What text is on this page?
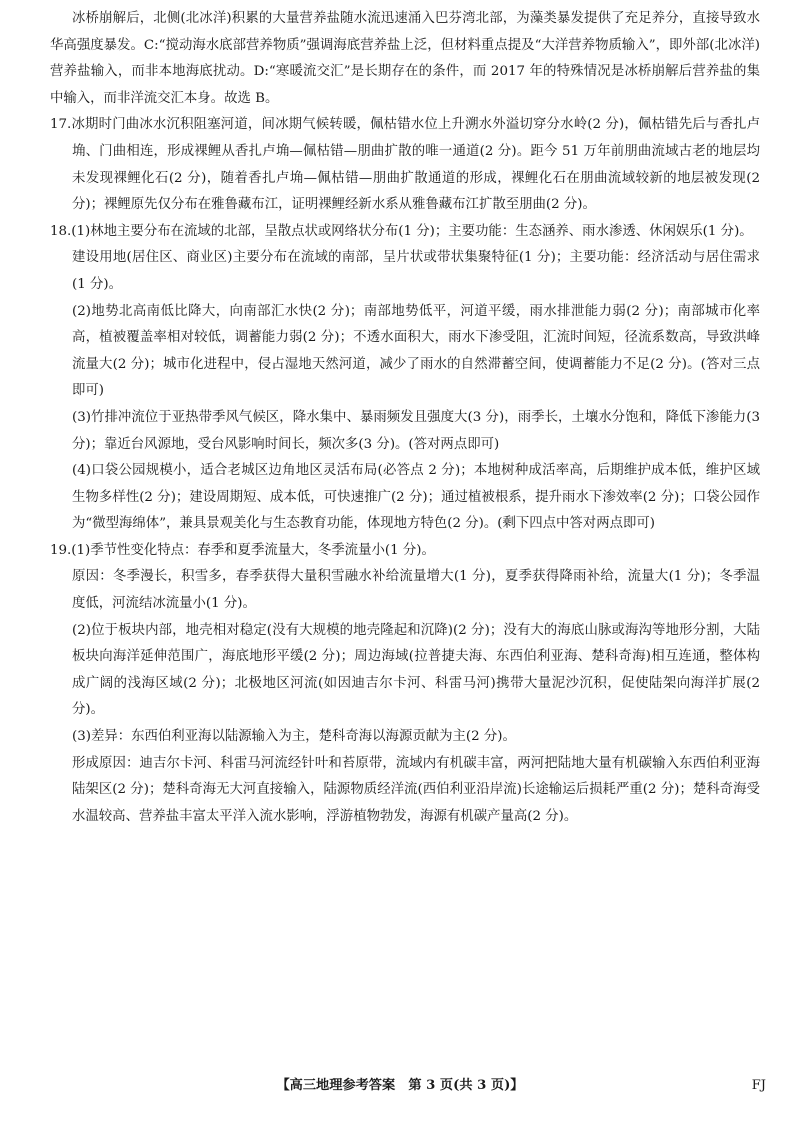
冰桥崩解后，北侧(北冰洋)积累的大量营养盐随水流迅速涌入巴芬湾北部，为藻类暴发提供了充足养分，直接导致水华高强度暴发。C:“搅动海水底部营养物质”强调海底营养盐上泛，但材料重点提及“大洋营养物质输入”，即外部(北冰洋)营养盐输入，而非本地海底扰动。D:“寒暖流交汇”是长期存在的条件，而 2017 年的特殊情况是冰桥崩解后营养盐的集中输入，而非洋流交汇本身。故选 B。

17.冰期时门曲冰水沉积阻塞河道，间冰期气候转暖，佩枯错水位上升溯水外溢切穿分水岭(2 分)，佩枯错先后与香扎卢埆、门曲相连，形成裸鲤从香扎卢埆—佩枯错—朋曲扩散的唯一通道(2 分)。距今 51 万年前朋曲流域古老的地层均未发现裸鲤化石(2 分)，随着香扎卢埆—佩枯错—朋曲扩散通道的形成，裸鲤化石在朋曲流域较新的地层被发现(2 分)；裸鲤原先仅分布在雅鲁藏布江，证明裸鲤经新水系从雅鲁藏布江扩散至朋曲(2 分)。

18.(1)林地主要分布在流域的北部，呈散点状或网络状分布(1 分)；主要功能：生态涵养、雨水渗透、休闲娱乐(1 分)。

建设用地(居住区、商业区)主要分布在流域的南部，呈片状或带状集聚特征(1 分)；主要功能：经济活动与居住需求(1 分)。

(2)地势北高南低比降大，向南部汇水快(2 分)；南部地势低平，河道平缓，雨水排泄能力弱(2 分)；南部城市化率高，植被覆盖率相对较低，调蓄能力弱(2 分)；不透水面积大，雨水下渗受阻，汇流时间短，径流系数高，导致洪峰流量大(2 分)；城市化进程中，侵占湿地天然河道，减少了雨水的自然滞蓄空间，使调蓄能力不足(2 分)。(答对三点即可)

(3)竹排冲流位于亚热带季风气候区，降水集中、暴雨频发且强度大(3 分)，雨季长，土壤水分饱和，降低下渗能力(3 分)；靠近台风源地，受台风影响时间长，频次多(3 分)。(答对两点即可)

(4)口袋公园规模小，适合老城区边角地区灵活布局(必答点 2 分)；本地树种成活率高，后期维护成本低，维护区域生物多样性(2 分)；建设周期短、成本低，可快速推广(2 分)；通过植被根系，提升雨水下渗效率(2 分)；口袋公园作为“微型海绵体”，兼具景观美化与生态教育功能，体现地方特色(2 分)。(剩下四点中答对两点即可)

19.(1)季节性变化特点：春季和夏季流量大，冬季流量小(1 分)。

原因：冬季漫长，积雪多，春季获得大量积雪融水补给流量增大(1 分)，夏季获得降雨补给，流量大(1 分)；冬季温度低，河流结冰流量小(1 分)。

(2)位于板块内部，地壳相对稳定(没有大规模的地壳隆起和沉降)(2 分)；没有大的海底山脉或海沟等地形分割，大陆板块向海洋延伸范围广，海底地形平缓(2 分)；周边海域(拉普捷夫海、东西伯利亚海、楚科奇海)相互连通，整体构成广阔的浅海区域(2 分)；北极地区河流(如因迪吉尔卡河、科雷马河)携带大量泥沙沉积，促使陆架向海洋扩展(2 分)。

(3)差异：东西伯利亚海以陆源输入为主，楚科奇海以海源贡献为主(2 分)。

形成原因：迪吉尔卡河、科雷马河流经针叶和苔原带，流域内有机碳丰富，两河把陆地大量有机碳输入东西伯利亚海陆架区(2 分)；楚科奇海无大河直接输入，陆源物质经洋流(西伯利亚沿岸流)长途输运后损耗严重(2 分)；楚科奇海受水温较高、营养盐丰富太平洋入流水影响，浮游植物勃发，海源有机碳产量高(2 分)。

【高三地理参考答案　第 3 页(共 3 页)】	FJ
